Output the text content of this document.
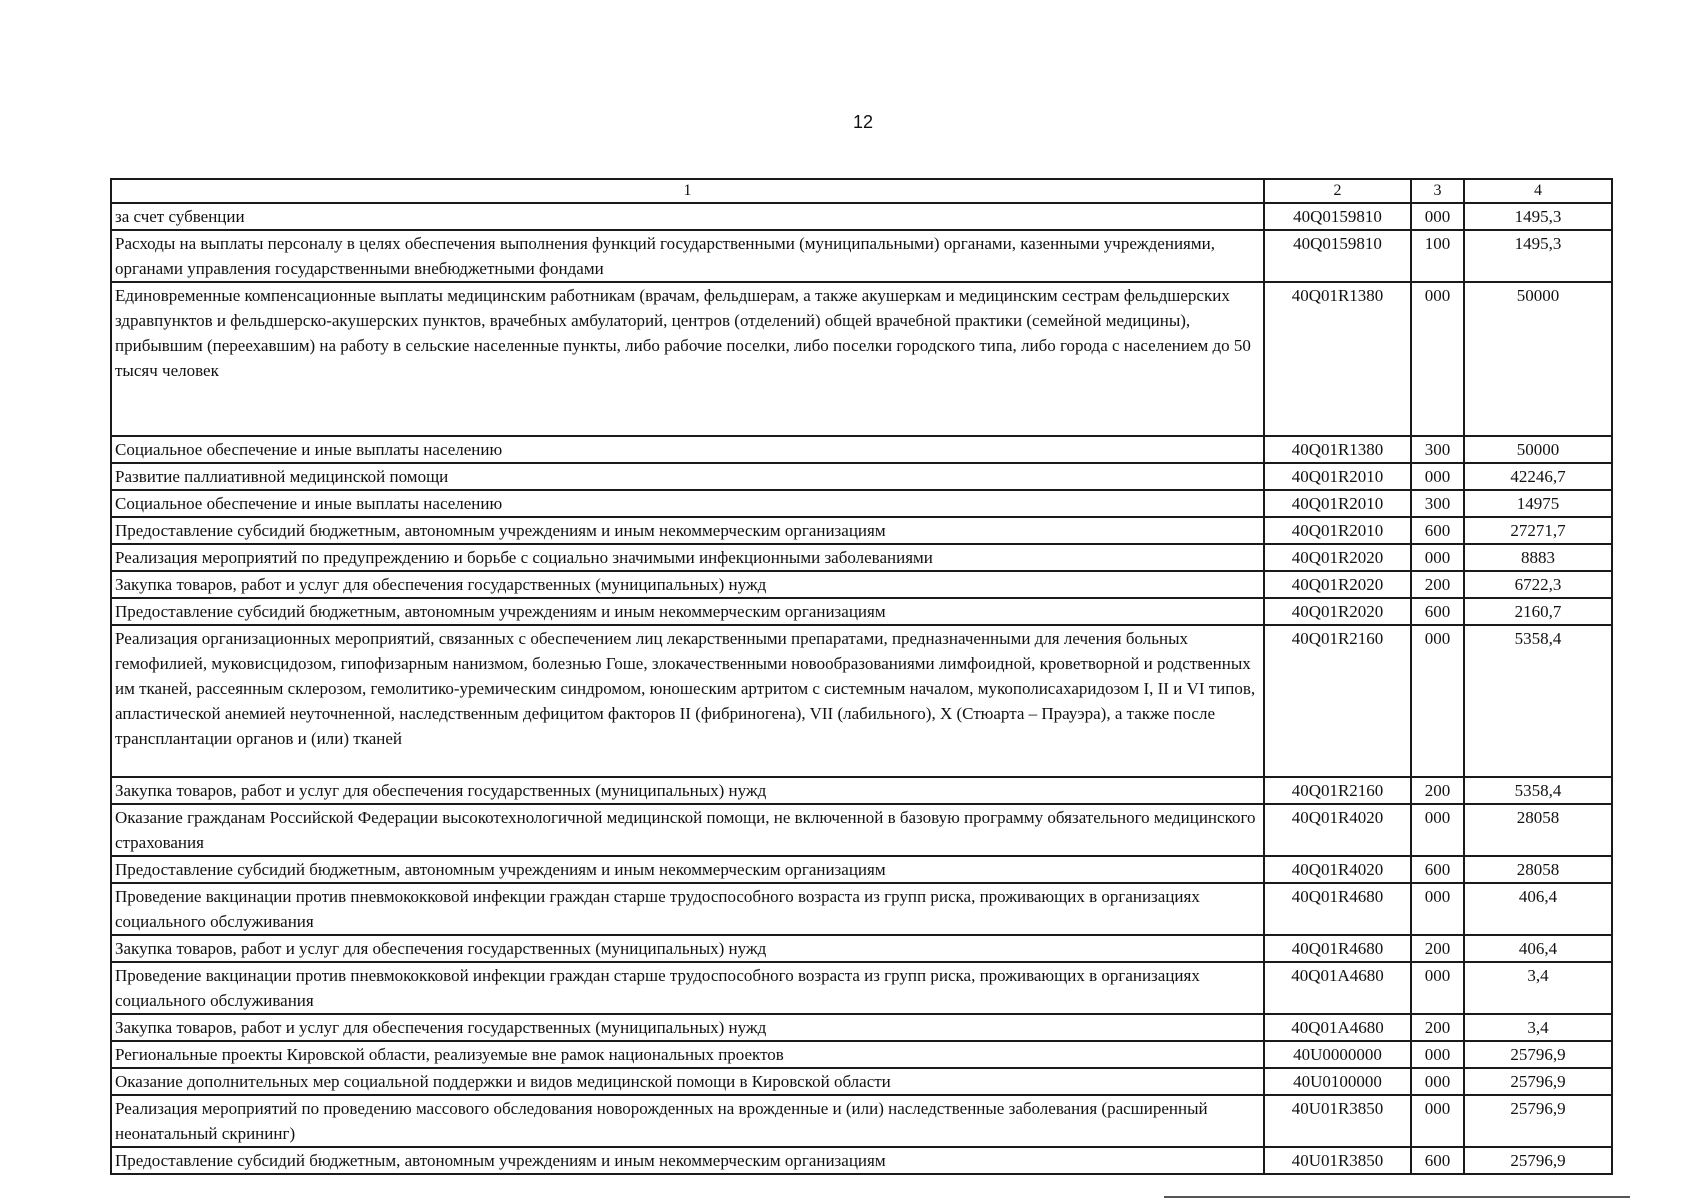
12
1	2	3	4
за счет субвенции	40Q0159810	000	1495,3
Расходы на выплаты персоналу в целях обеспечения выполнения функций государственными (муниципальными) органами, казенными учреждениями, органами управления государственными внебюджетными фондами	40Q0159810	100	1495,3
Единовременные компенсационные выплаты медицинским работникам (врачам, фельдшерам, а также акушеркам и медицинским сестрам фельдшерских здравпунктов и фельдшерско-акушерских пунктов, врачебных амбулаторий, центров (отделений) общей врачебной практики (семейной медицины), прибывшим (переехавшим) на работу в сельские населенные пункты, либо рабочие поселки, либо поселки городского типа, либо города с населением до 50 тысяч человек	40Q01R1380	000	50000
Социальное обеспечение и иные выплаты населению	40Q01R1380	300	50000
Развитие паллиативной медицинской помощи	40Q01R2010	000	42246,7
Социальное обеспечение и иные выплаты населению	40Q01R2010	300	14975
Предоставление субсидий бюджетным, автономным учреждениям и иным некоммерческим организациям	40Q01R2010	600	27271,7
Реализация мероприятий по предупреждению и борьбе с социально значимыми инфекционными заболеваниями	40Q01R2020	000	8883
Закупка товаров, работ и услуг для обеспечения государственных (муниципальных) нужд	40Q01R2020	200	6722,3
Предоставление субсидий бюджетным, автономным учреждениям и иным некоммерческим организациям	40Q01R2020	600	2160,7
Реализация организационных мероприятий, связанных с обеспечением лиц лекарственными препаратами, предназначенными для лечения больных гемофилией, муковисцидозом, гипофизарным нанизмом, болезнью Гоше, злокачественными новообразованиями лимфоидной, кроветворной и родственных им тканей, рассеянным склерозом, гемолитико-уремическим синдромом, юношеским артритом с системным началом, мукополисахаридозом I, II и VI типов, апластической анемией неуточненной, наследственным дефицитом факторов II (фибриногена), VII (лабильного), X (Стюарта – Прауэра), а также после трансплантации органов и (или) тканей	40Q01R2160	000	5358,4
Закупка товаров, работ и услуг для обеспечения государственных (муниципальных) нужд	40Q01R2160	200	5358,4
Оказание гражданам Российской Федерации высокотехнологичной медицинской помощи, не включенной в базовую программу обязательного медицинского страхования	40Q01R4020	000	28058
Предоставление субсидий бюджетным, автономным учреждениям и иным некоммерческим организациям	40Q01R4020	600	28058
Проведение вакцинации против пневмококковой инфекции граждан старше трудоспособного возраста из групп риска, проживающих в организациях социального обслуживания	40Q01R4680	000	406,4
Закупка товаров, работ и услуг для обеспечения государственных (муниципальных) нужд	40Q01R4680	200	406,4
Проведение вакцинации против пневмококковой инфекции граждан старше трудоспособного возраста из групп риска, проживающих в организациях социального обслуживания	40Q01A4680	000	3,4
Закупка товаров, работ и услуг для обеспечения государственных (муниципальных) нужд	40Q01A4680	200	3,4
Региональные проекты Кировской области, реализуемые вне рамок национальных проектов	40U0000000	000	25796,9
Оказание дополнительных мер социальной поддержки и видов медицинской помощи в Кировской области	40U0100000	000	25796,9
Реализация мероприятий по проведению массового обследования новорожденных на врожденные и (или) наследственные заболевания (расширенный неонатальный скрининг)	40U01R3850	000	25796,9
Предоставление субсидий бюджетным, автономным учреждениям и иным некоммерческим организациям	40U01R3850	600	25796,9
